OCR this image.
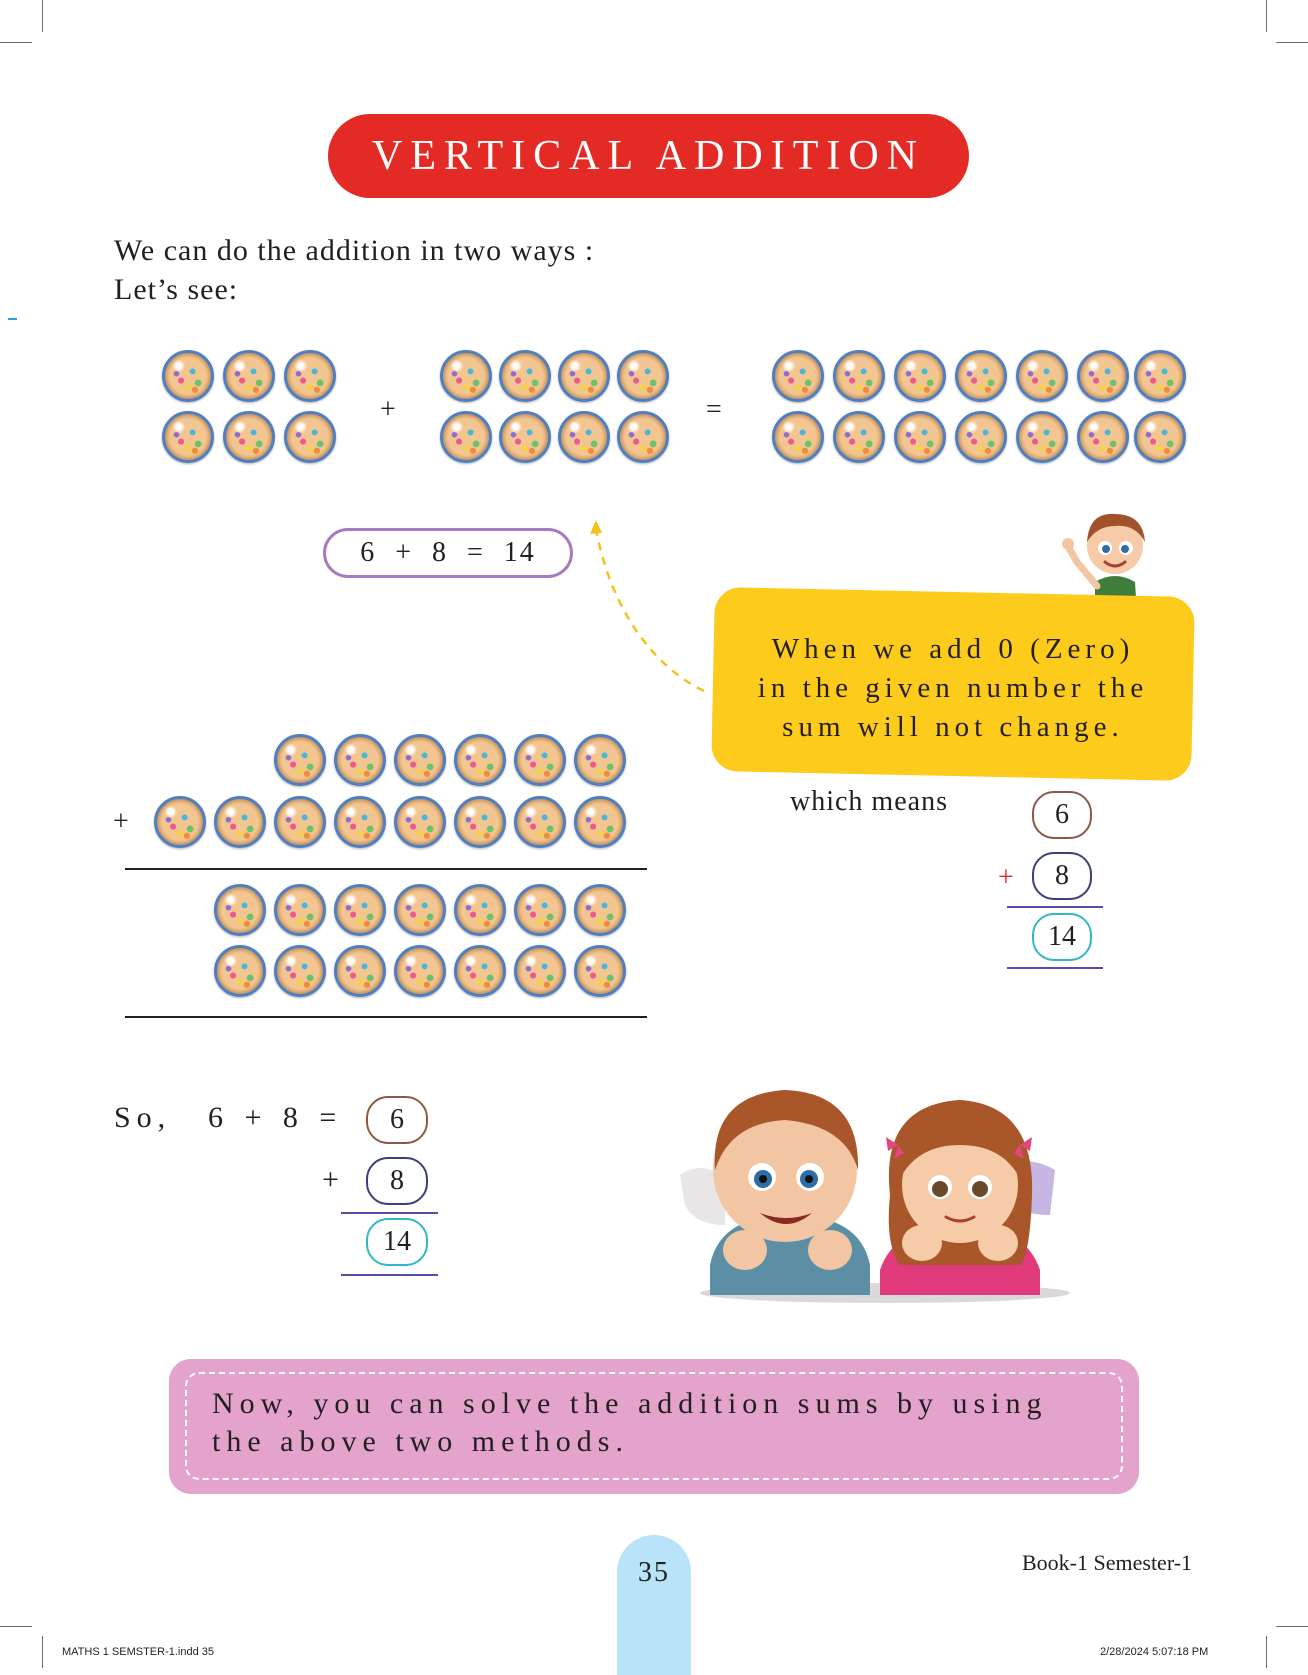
VERTICAL ADDITION
We can do the addition in two ways :
Let’s see:
+	=
6 + 8 = 14
When we add 0 (Zero)
in the given number the
sum will not change.
+
which means	6
+	8
14
So, 6 + 8 =	6
+	8
14
Now, you can solve the addition sums by using the above two methods.
35	Book-1 Semester-1
MATHS 1 SEMSTER-1.indd 35	2/28/2024 5:07:18 PM
